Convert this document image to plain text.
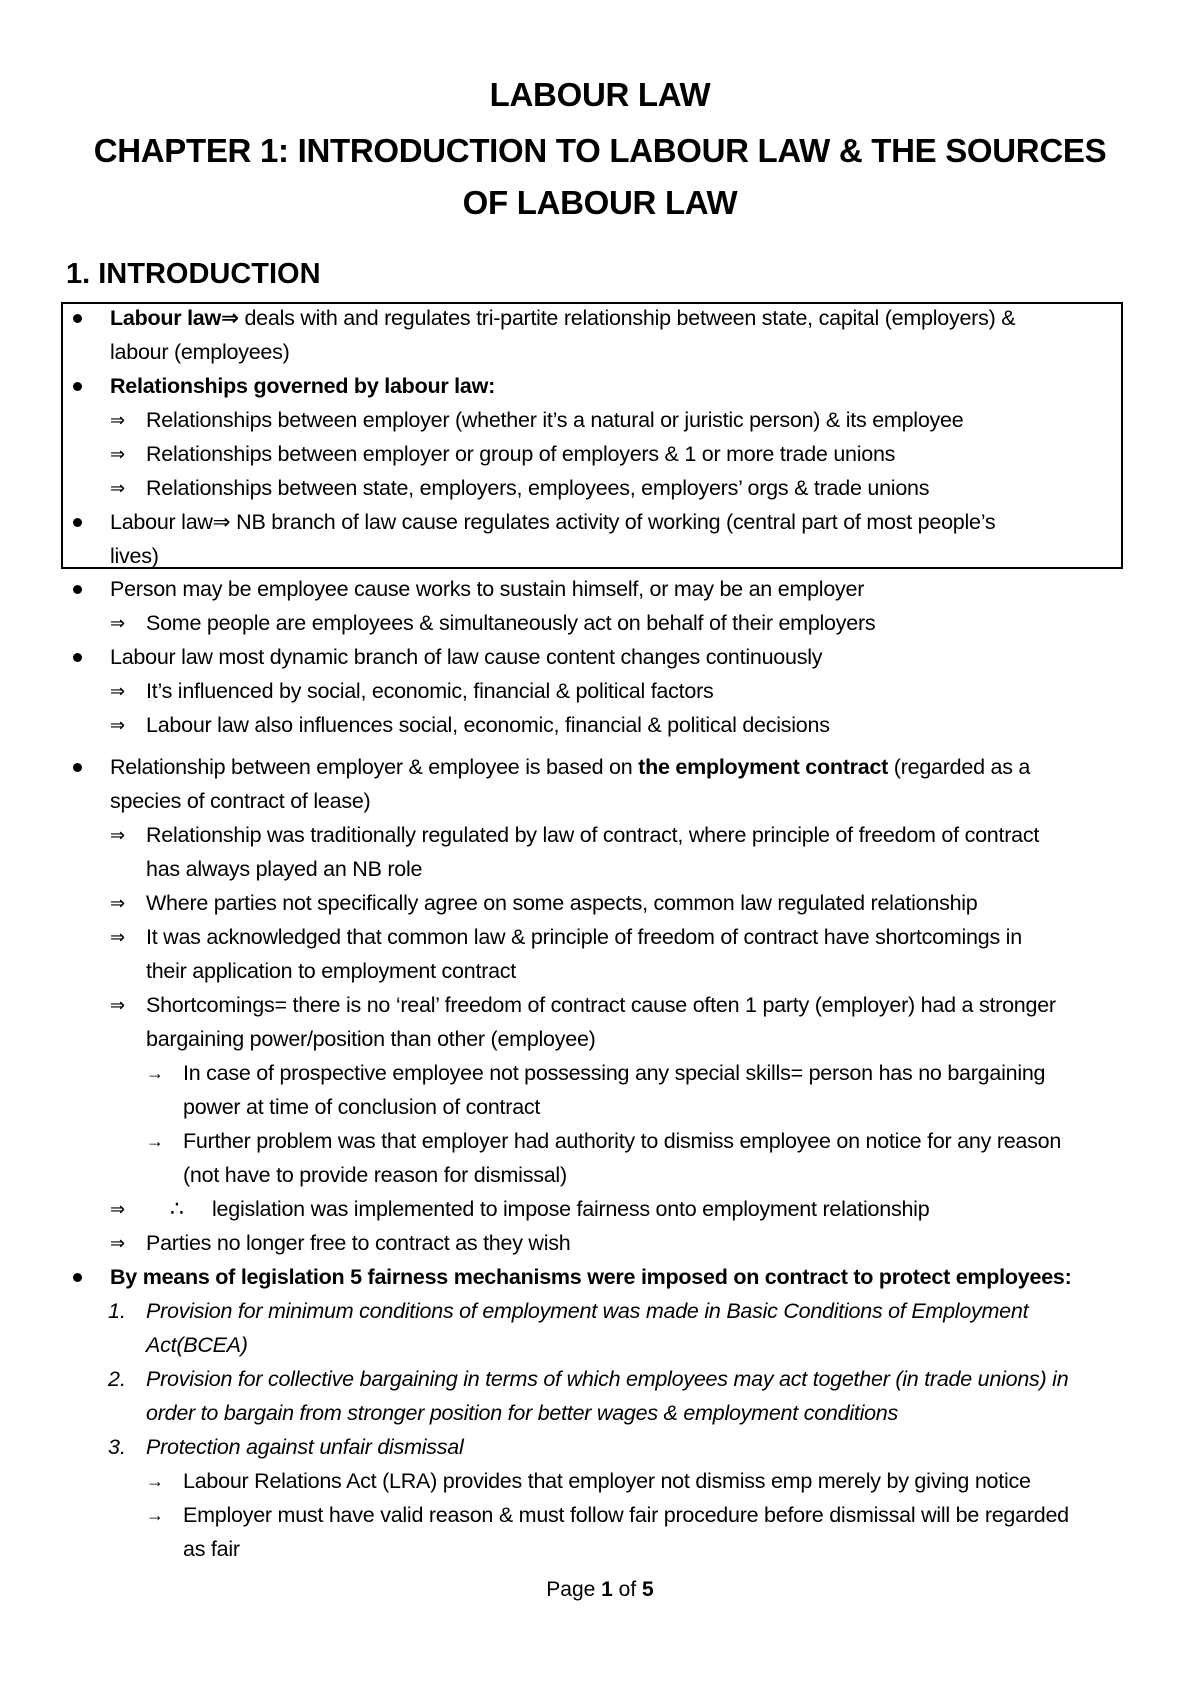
LABOUR LAW
CHAPTER 1: INTRODUCTION TO LABOUR LAW & THE SOURCES
OF LABOUR LAW
1. INTRODUCTION
Labour law⇒ deals with and regulates tri-partite relationship between state, capital (employers) &
labour (employees)
Relationships governed by labour law:
⇒ Relationships between employer (whether it’s a natural or juristic person) & its employee
⇒ Relationships between employer or group of employers & 1 or more trade unions
⇒ Relationships between state, employers, employees, employers’ orgs & trade unions
Labour law⇒ NB branch of law cause regulates activity of working (central part of most people’s
lives)
Person may be employee cause works to sustain himself, or may be an employer
⇒ Some people are employees & simultaneously act on behalf of their employers
Labour law most dynamic branch of law cause content changes continuously
⇒ It’s influenced by social, economic, financial & political factors
⇒ Labour law also influences social, economic, financial & political decisions
Relationship between employer & employee is based on the employment contract (regarded as a
species of contract of lease)
⇒ Relationship was traditionally regulated by law of contract, where principle of freedom of contract
has always played an NB role
⇒ Where parties not specifically agree on some aspects, common law regulated relationship
⇒ It was acknowledged that common law & principle of freedom of contract have shortcomings in
their application to employment contract
⇒ Shortcomings= there is no ‘real’ freedom of contract cause often 1 party (employer) had a stronger
bargaining power/position than other (employee)
→ In case of prospective employee not possessing any special skills= person has no bargaining
power at time of conclusion of contract
→ Further problem was that employer had authority to dismiss employee on notice for any reason
(not have to provide reason for dismissal)
⇒ ∴ legislation was implemented to impose fairness onto employment relationship
⇒ Parties no longer free to contract as they wish
By means of legislation 5 fairness mechanisms were imposed on contract to protect employees:
1. Provision for minimum conditions of employment was made in Basic Conditions of Employment
Act(BCEA)
2. Provision for collective bargaining in terms of which employees may act together (in trade unions) in
order to bargain from stronger position for better wages & employment conditions
3. Protection against unfair dismissal
→ Labour Relations Act (LRA) provides that employer not dismiss emp merely by giving notice
→ Employer must have valid reason & must follow fair procedure before dismissal will be regarded
as fair
Page 1 of 5
